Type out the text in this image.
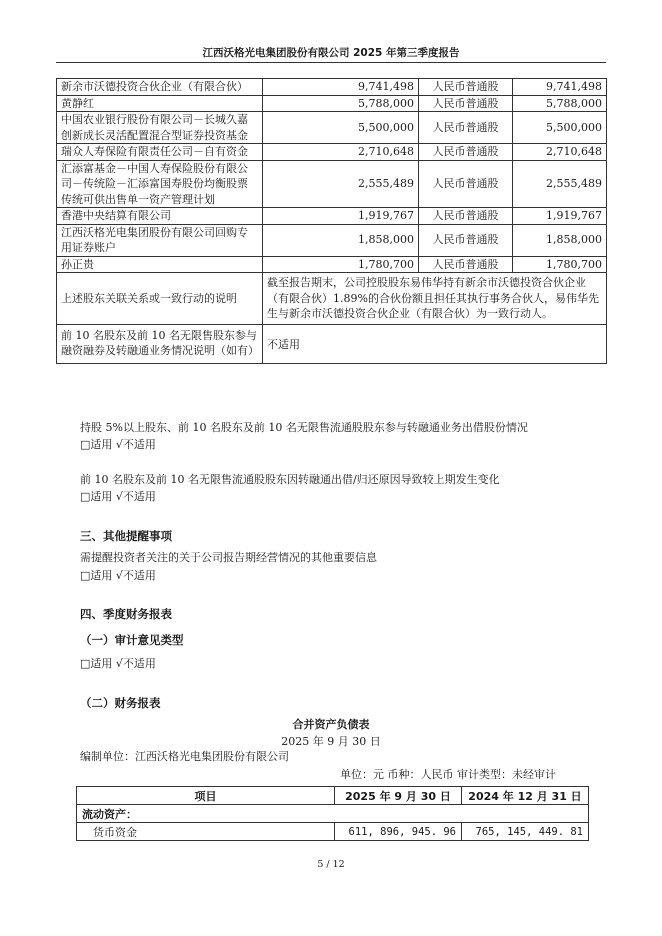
江西沃格光电集团股份有限公司 2025 年第三季度报告
新余市沃德投资合伙企业（有限合伙）	9,741,498	人民币普通股	9,741,498
黄静红	5,788,000	人民币普通股	5,788,000
中国农业银行股份有限公司－长城久嘉创新成长灵活配置混合型证券投资基金	5,500,000	人民币普通股	5,500,000
瑞众人寿保险有限责任公司－自有资金	2,710,648	人民币普通股	2,710,648
汇添富基金－中国人寿保险股份有限公司－传统险－汇添富国寿股份均衡股票传统可供出售单一资产管理计划	2,555,489	人民币普通股	2,555,489
香港中央结算有限公司	1,919,767	人民币普通股	1,919,767
江西沃格光电集团股份有限公司回购专用证券账户	1,858,000	人民币普通股	1,858,000
孙正贵	1,780,700	人民币普通股	1,780,700
上述股东关联关系或一致行动的说明	截至报告期末，公司控股股东易伟华持有新余市沃德投资合伙企业（有限合伙）1.89%的合伙份额且担任其执行事务合伙人，易伟华先生与新余市沃德投资合伙企业（有限合伙）为一致行动人。		
前 10 名股东及前 10 名无限售股东参与融资融券及转融通业务情况说明（如有）	不适用		
持股 5%以上股东、前 10 名股东及前 10 名无限售流通股股东参与转融通业务出借股份情况
□适用 √不适用
前 10 名股东及前 10 名无限售流通股股东因转融通出借/归还原因导致较上期发生变化
□适用 √不适用
三、其他提醒事项
需提醒投资者关注的关于公司报告期经营情况的其他重要信息
□适用 √不适用
四、季度财务报表
（一）审计意见类型
□适用 √不适用
（二）财务报表
合并资产负债表
2025 年 9 月 30 日
编制单位：江西沃格光电集团股份有限公司
单位：元 币种：人民币 审计类型：未经审计
项目	2025 年 9 月 30 日	2024 年 12 月 31 日
流动资产：		
货币资金	611, 896, 945. 96	765, 145, 449. 81
5 / 12
